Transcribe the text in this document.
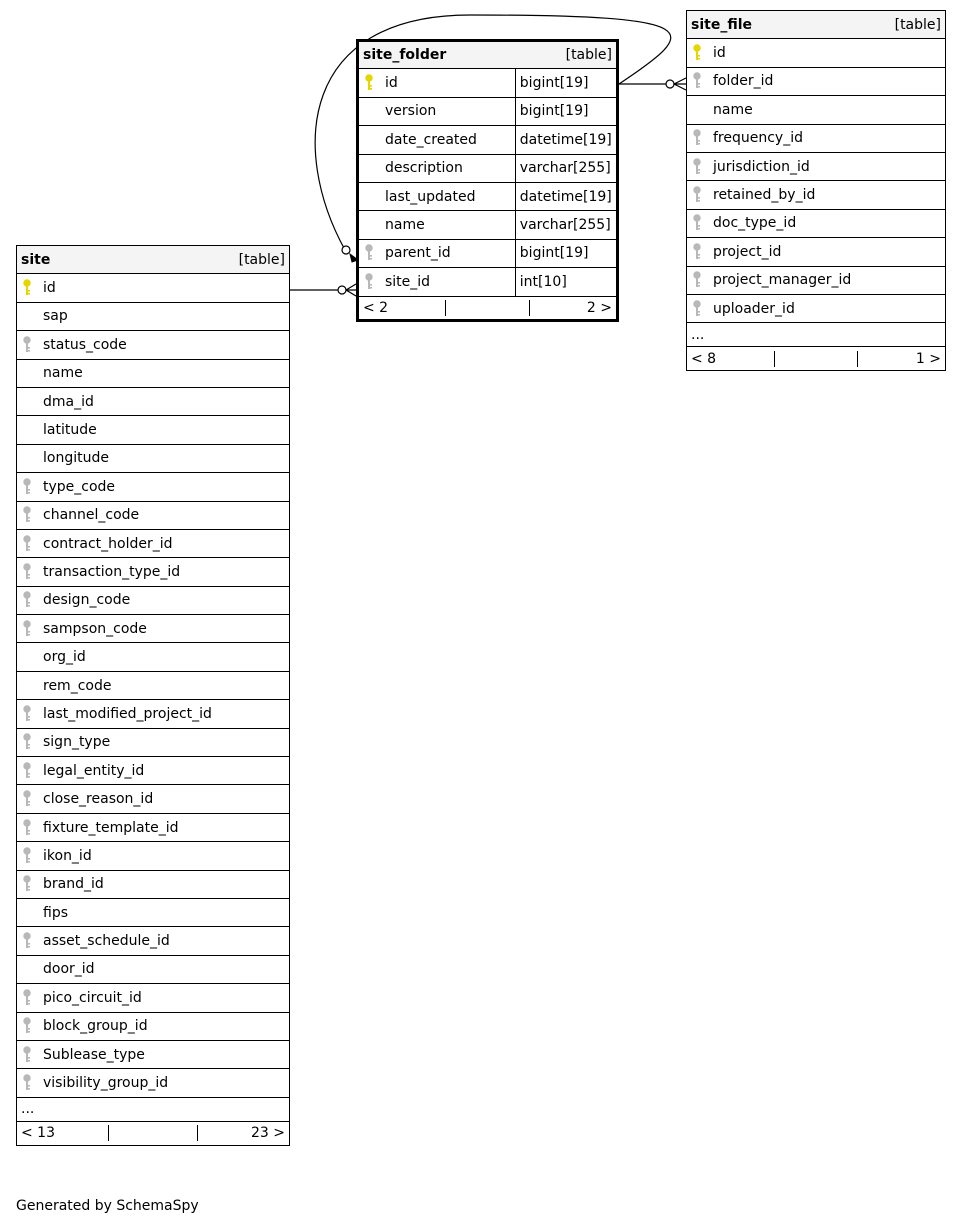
site_folder [table]	

id	bigint[19]

version	bigint[19]

date_created	datetime[19]

description	varchar[255]

last_updated	datetime[19]

name	varchar[255]

parent_id	bigint[19]

site_id	int[10]

< 2 2 >	
site_file	[table]

id

folder_id

name

frequency_id

jurisdiction_id

retained_by_id

doc_type_id

project_id

project_manager_id

uploader_id

...

< 8	1 >
site	[table]

id

sap

status_code

name

dma_id

latitude

longitude

type_code

channel_code

contract_holder_id

transaction_type_id

design_code

sampson_code

org_id

rem_code

last_modified_project_id

sign_type

legal_entity_id

close_reason_id

fixture_template_id

ikon_id

brand_id

fips

asset_schedule_id

door_id

pico_circuit_id

block_group_id

Sublease_type

visibility_group_id

...

< 13	23 >
Generated by SchemaSpy
